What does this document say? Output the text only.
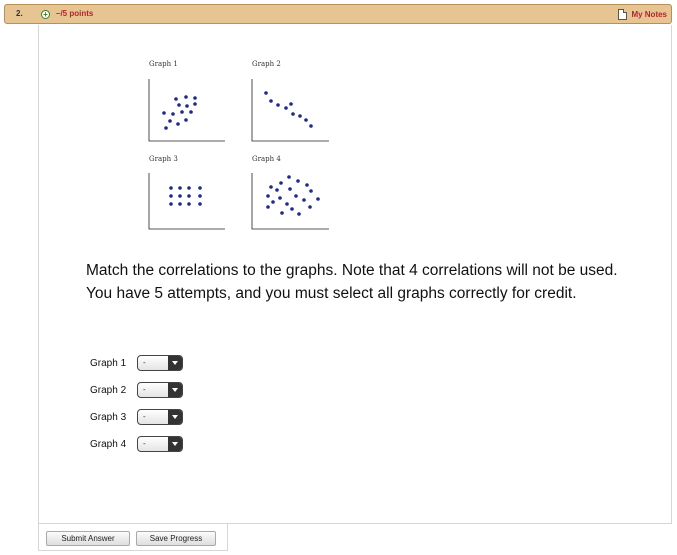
2.	+ –/5 points	My Notes
Graph 1	Graph 2
Graph 3	Graph 4
Match the correlations to the graphs. Note that 4 correlations will not be used. You have 5 attempts, and you must select all graphs correctly for credit.
Graph 1	-
Graph 2	-
Graph 3	-
Graph 4	-
Submit Answer	Save Progress
